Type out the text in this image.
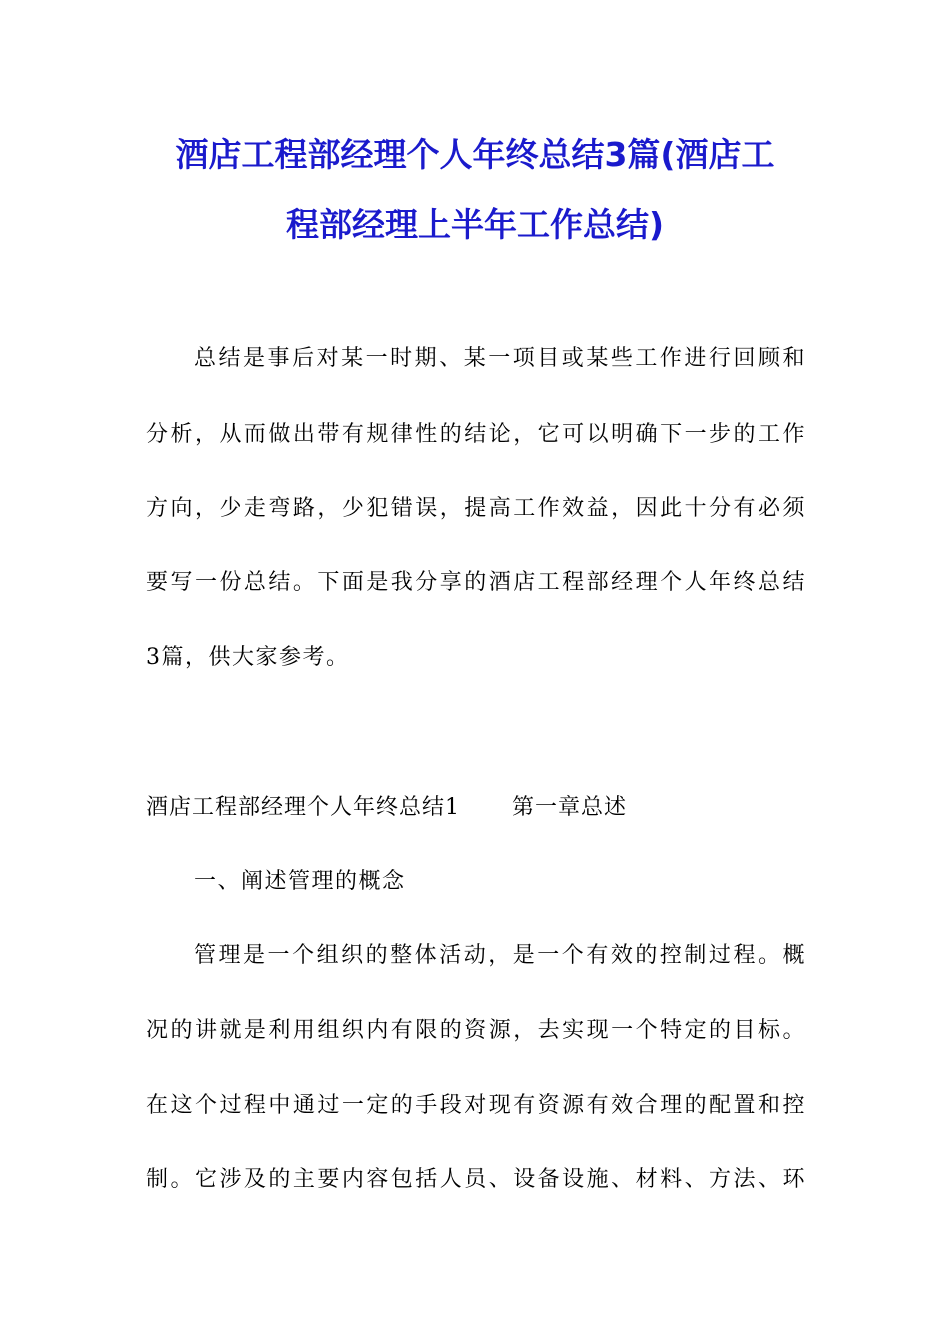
酒店工程部经理个人年终总结3篇(酒店工
程部经理上半年工作总结)
总结是事后对某一时期、某一项目或某些工作进行回顾和
分析，从而做出带有规律性的结论，它可以明确下一步的工作
方向，少走弯路，少犯错误，提高工作效益，因此十分有必须
要写一份总结。下面是我分享的酒店工程部经理个人年终总结
3篇，供大家参考。
酒店工程部经理个人年终总结1 第一章总述
一、阐述管理的概念
管理是一个组织的整体活动，是一个有效的控制过程。概
况的讲就是利用组织内有限的资源，去实现一个特定的目标。
在这个过程中通过一定的手段对现有资源有效合理的配置和控
制。它涉及的主要内容包括人员、设备设施、材料、方法、环
